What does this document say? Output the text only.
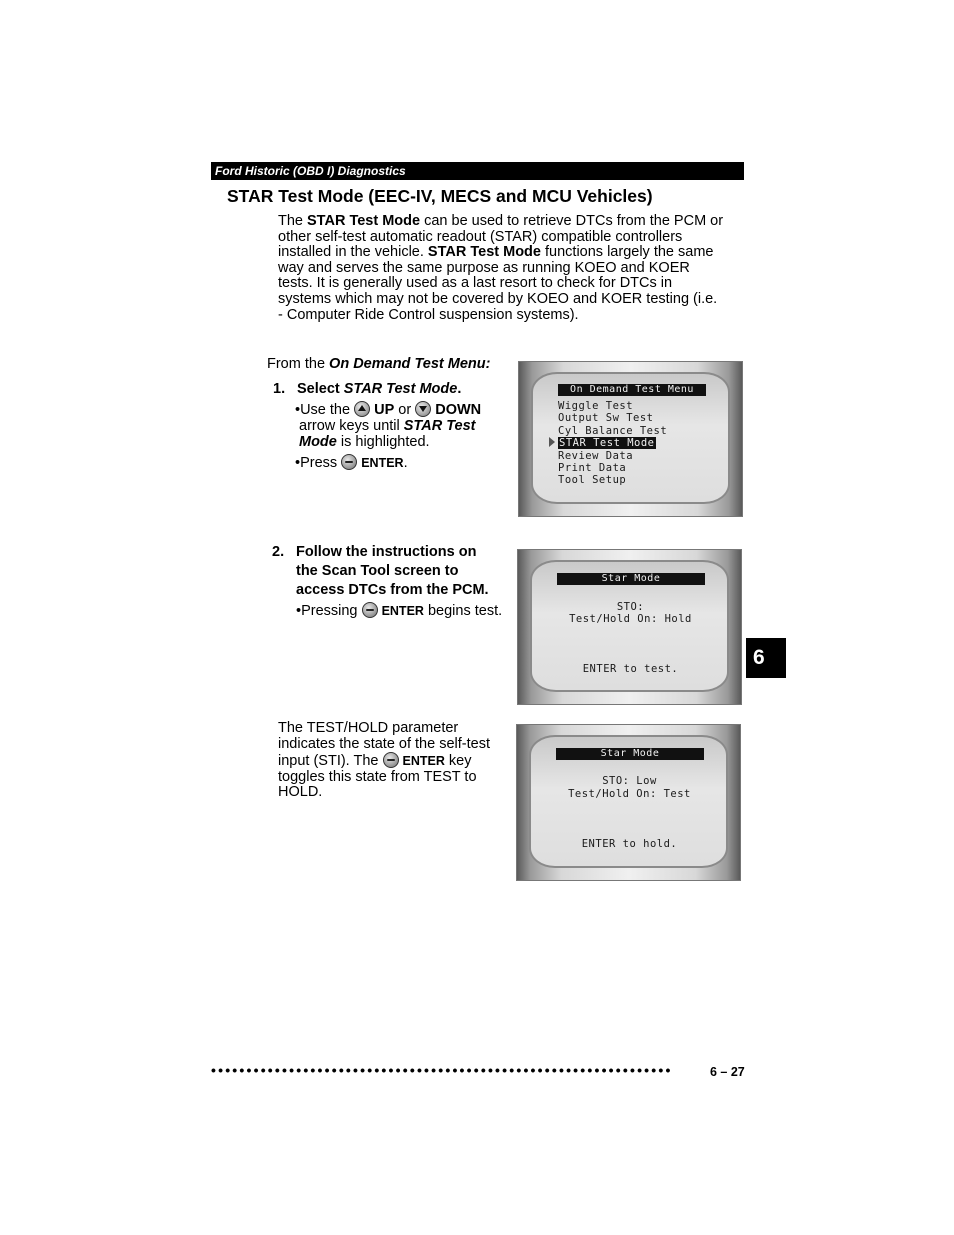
Ford Historic (OBD I) Diagnostics
STAR Test Mode (EEC-IV, MECS and MCU Vehicles)

The STAR Test Mode can be used to retrieve DTCs from the PCM or other self-test automatic readout (STAR) compatible controllers installed in the vehicle. STAR Test Mode functions largely the same way and serves the same purpose as running KOEO and KOER tests. It is generally used as a last resort to check for DTCs in systems which may not be covered by KOEO and KOER testing (i.e. - Computer Ride Control suspension systems).

From the On Demand Test Menu:
1. Select STAR Test Mode.
•Use the  UP or  DOWN
arrow keys until STAR Test
Mode is highlighted.
•Press  ENTER.
2. Follow the instructions on
the Scan Tool screen to
access DTCs from the PCM.
•Pressing  ENTER begins test.
The TEST/HOLD parameter indicates the state of the self-test input (STI). The  ENTER key toggles this state from TEST to HOLD.
On Demand Test Menu
Wiggle Test
Output Sw Test
Cyl Balance Test
STAR Test Mode
Review Data
Print Data
Tool Setup
Star Mode
STO:
Test/Hold On: Hold
ENTER to test.
Star Mode
STO: Low
Test/Hold On: Test
ENTER to hold.
6
•••••••••••••••••••••••••••••••••••••••••••••••••••••••••••••••••	6 – 27
